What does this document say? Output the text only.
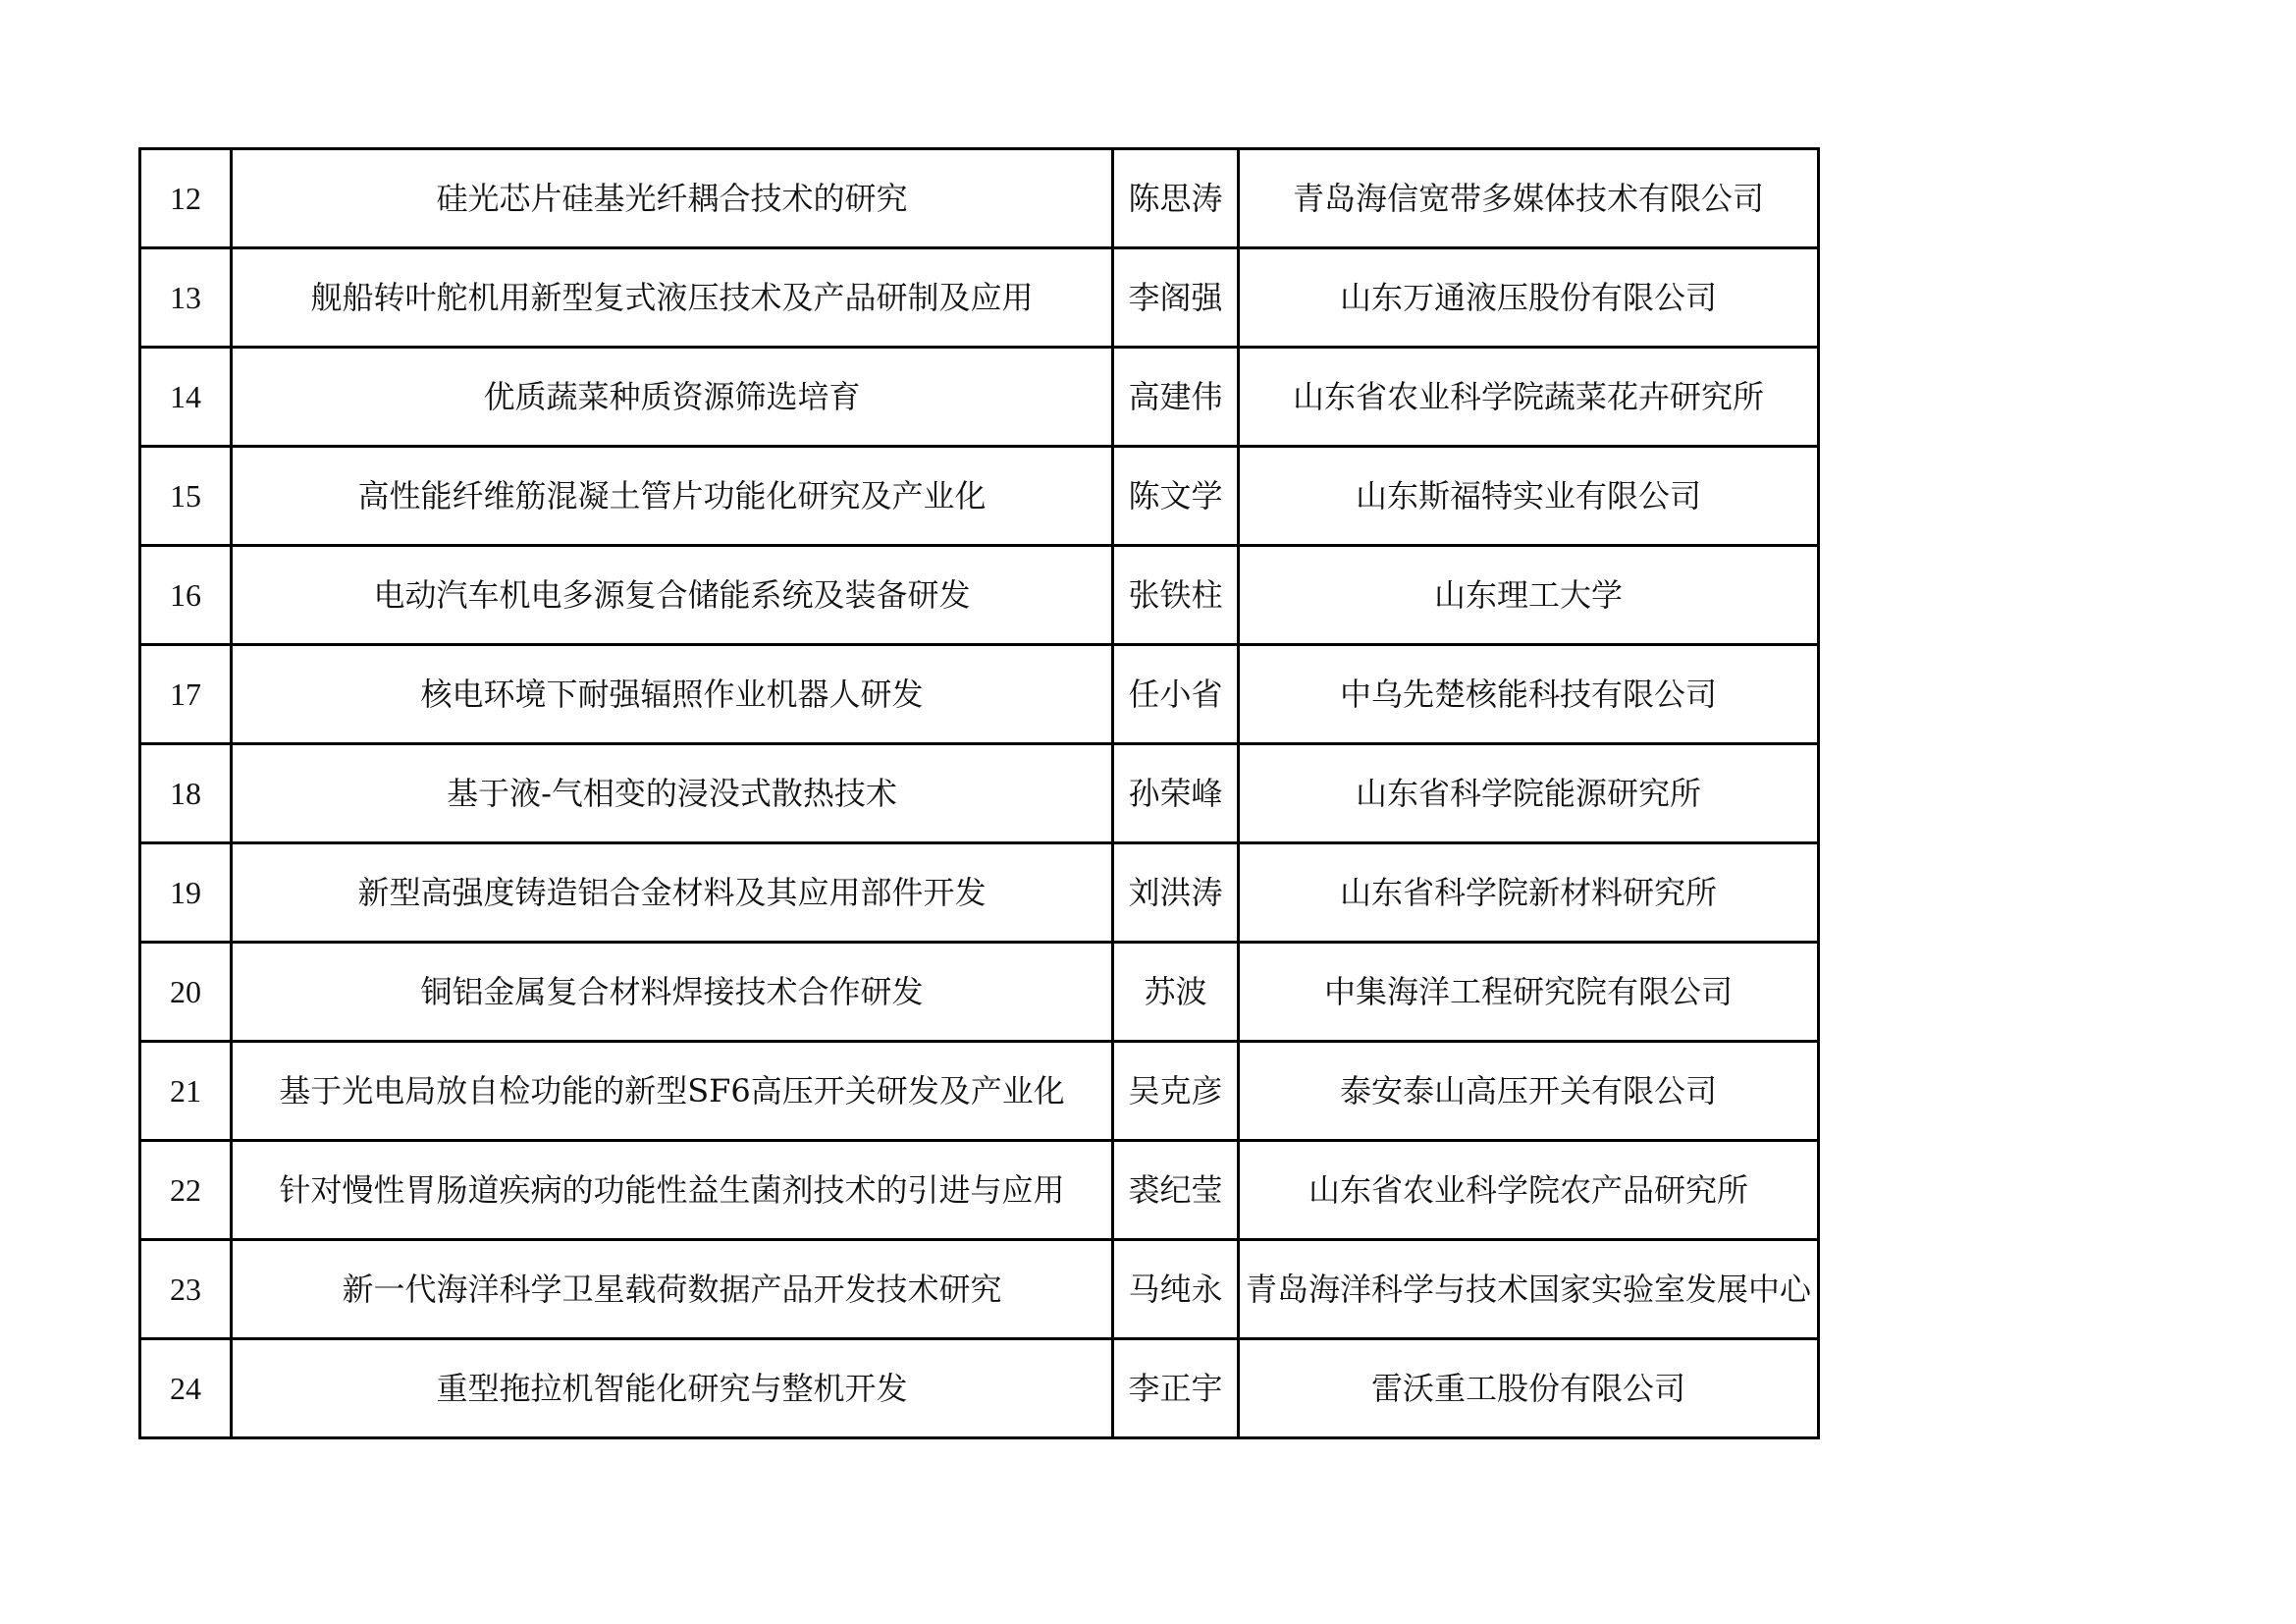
12	硅光芯片硅基光纤耦合技术的研究	陈思涛	青岛海信宽带多媒体技术有限公司
13	舰船转叶舵机用新型复式液压技术及产品研制及应用	李阁强	山东万通液压股份有限公司
14	优质蔬菜种质资源筛选培育	高建伟	山东省农业科学院蔬菜花卉研究所
15	高性能纤维筋混凝土管片功能化研究及产业化	陈文学	山东斯福特实业有限公司
16	电动汽车机电多源复合储能系统及装备研发	张铁柱	山东理工大学
17	核电环境下耐强辐照作业机器人研发	任小省	中乌先楚核能科技有限公司
18	基于液-气相变的浸没式散热技术	孙荣峰	山东省科学院能源研究所
19	新型高强度铸造铝合金材料及其应用部件开发	刘洪涛	山东省科学院新材料研究所
20	铜铝金属复合材料焊接技术合作研发	苏波	中集海洋工程研究院有限公司
21	基于光电局放自检功能的新型SF6高压开关研发及产业化	吴克彦	泰安泰山高压开关有限公司
22	针对慢性胃肠道疾病的功能性益生菌剂技术的引进与应用	裘纪莹	山东省农业科学院农产品研究所
23	新一代海洋科学卫星载荷数据产品开发技术研究	马纯永	青岛海洋科学与技术国家实验室发展中心
24	重型拖拉机智能化研究与整机开发	李正宇	雷沃重工股份有限公司
